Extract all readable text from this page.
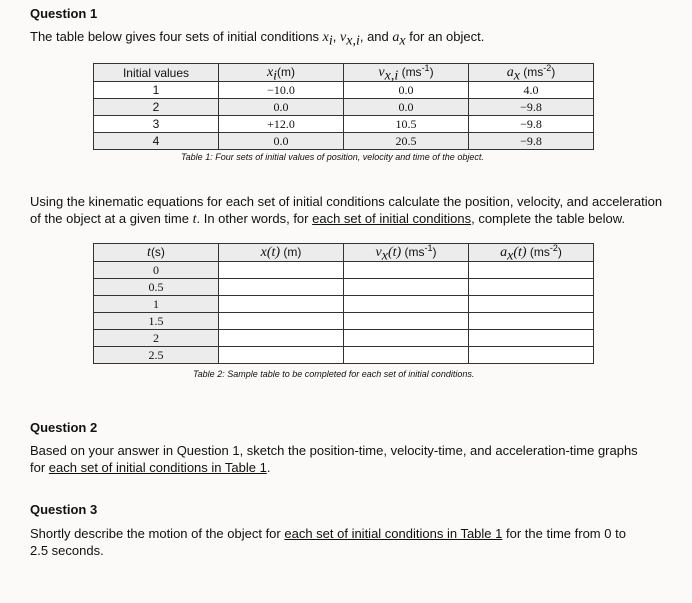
Question 1
The table below gives four sets of initial conditions $x_i$, $v_{x,i}$, and $a_x$ for an object.
Initial values	$x_i(m)$	$v_{x,i}$ $(ms^{-1})$	$a_x$ $(ms^{-2})$
1	−10.0	0.0	4.0
2	0.0	0.0	−9.8
3	+12.0	10.5	−9.8
4	0.0	20.5	−9.8
Table 1: Four sets of initial values of position, velocity and time of the object.
Using the kinematic equations for each set of initial conditions calculate the position, velocity, and acceleration
of the object at a given time t. In other words, for each set of initial conditions, complete the table below.
t(s)	x(t) (m)	$v_x(t)$ $(ms^{-1})$	$a_x(t)$ $(ms^{-2})$
0			
0.5			
1			
1.5			
2			
2.5			
Table 2: Sample table to be completed for each set of initial conditions.
Question 2
Based on your answer in Question 1, sketch the position-time, velocity-time, and acceleration-time graphs
for each set of initial conditions in Table 1.
Question 3
Shortly describe the motion of the object for each set of initial conditions in Table 1 for the time from 0 to
2.5 seconds.
